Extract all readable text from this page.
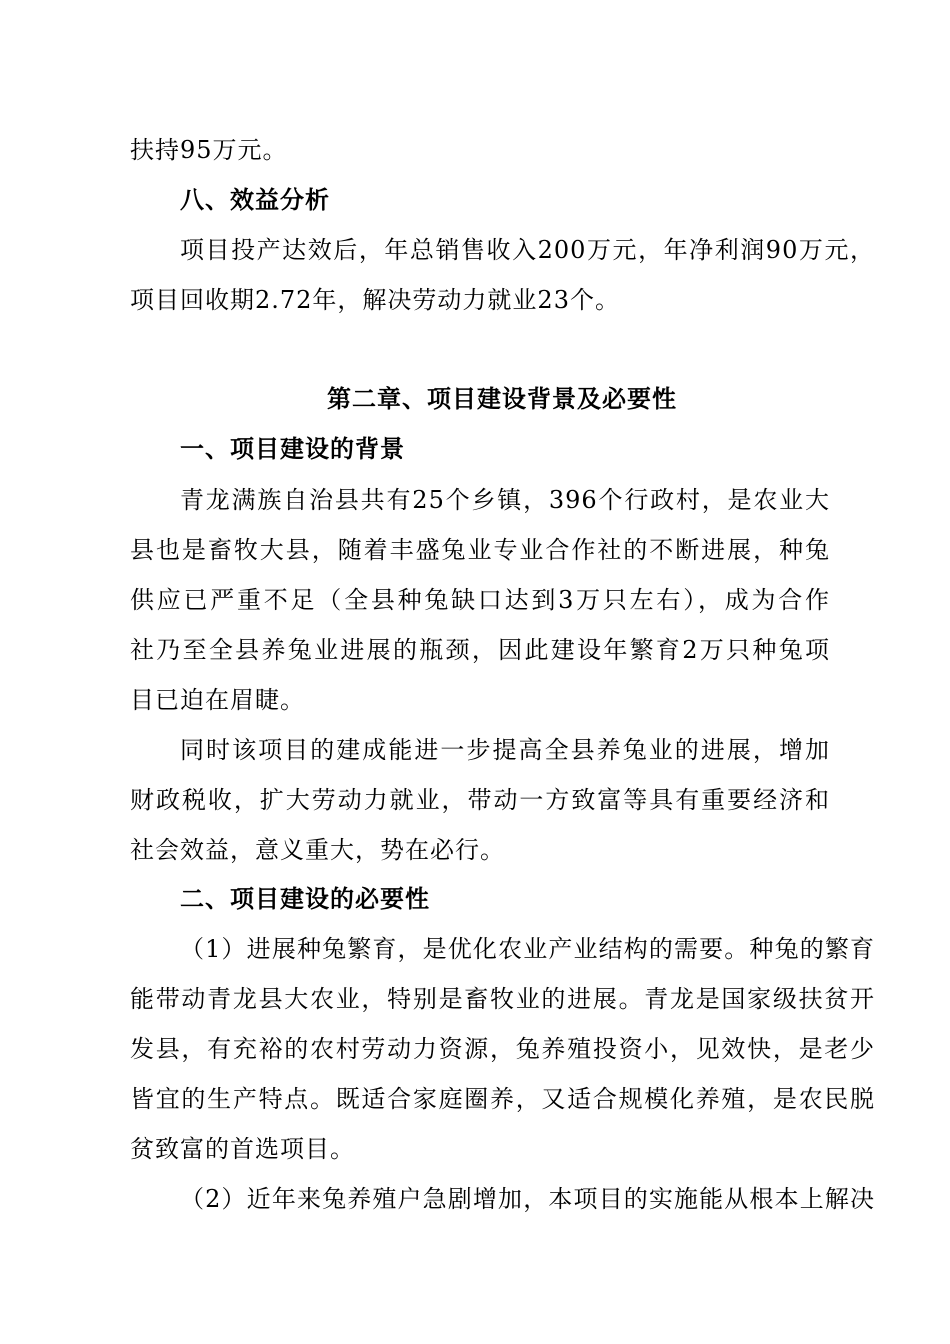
扶持95万元。
八、效益分析
项目投产达效后，年总销售收入200万元，年净利润90万元，
项目回收期2.72年，解决劳动力就业23个。
第二章、项目建设背景及必要性
一、项目建设的背景
青龙满族自治县共有25个乡镇，396个行政村，是农业大
县也是畜牧大县，随着丰盛兔业专业合作社的不断进展，种兔
供应已严重不足（全县种兔缺口达到3万只左右），成为合作
社乃至全县养兔业进展的瓶颈，因此建设年繁育2万只种兔项
目已迫在眉睫。
同时该项目的建成能进一步提高全县养兔业的进展，增加
财政税收，扩大劳动力就业，带动一方致富等具有重要经济和
社会效益，意义重大，势在必行。
二、项目建设的必要性
（1）进展种兔繁育，是优化农业产业结构的需要。种兔的繁育
能带动青龙县大农业，特别是畜牧业的进展。青龙是国家级扶贫开
发县，有充裕的农村劳动力资源，兔养殖投资小，见效快，是老少
皆宜的生产特点。既适合家庭圈养，又适合规模化养殖，是农民脱
贫致富的首选项目。
（2）近年来兔养殖户急剧增加，本项目的实施能从根本上解决
